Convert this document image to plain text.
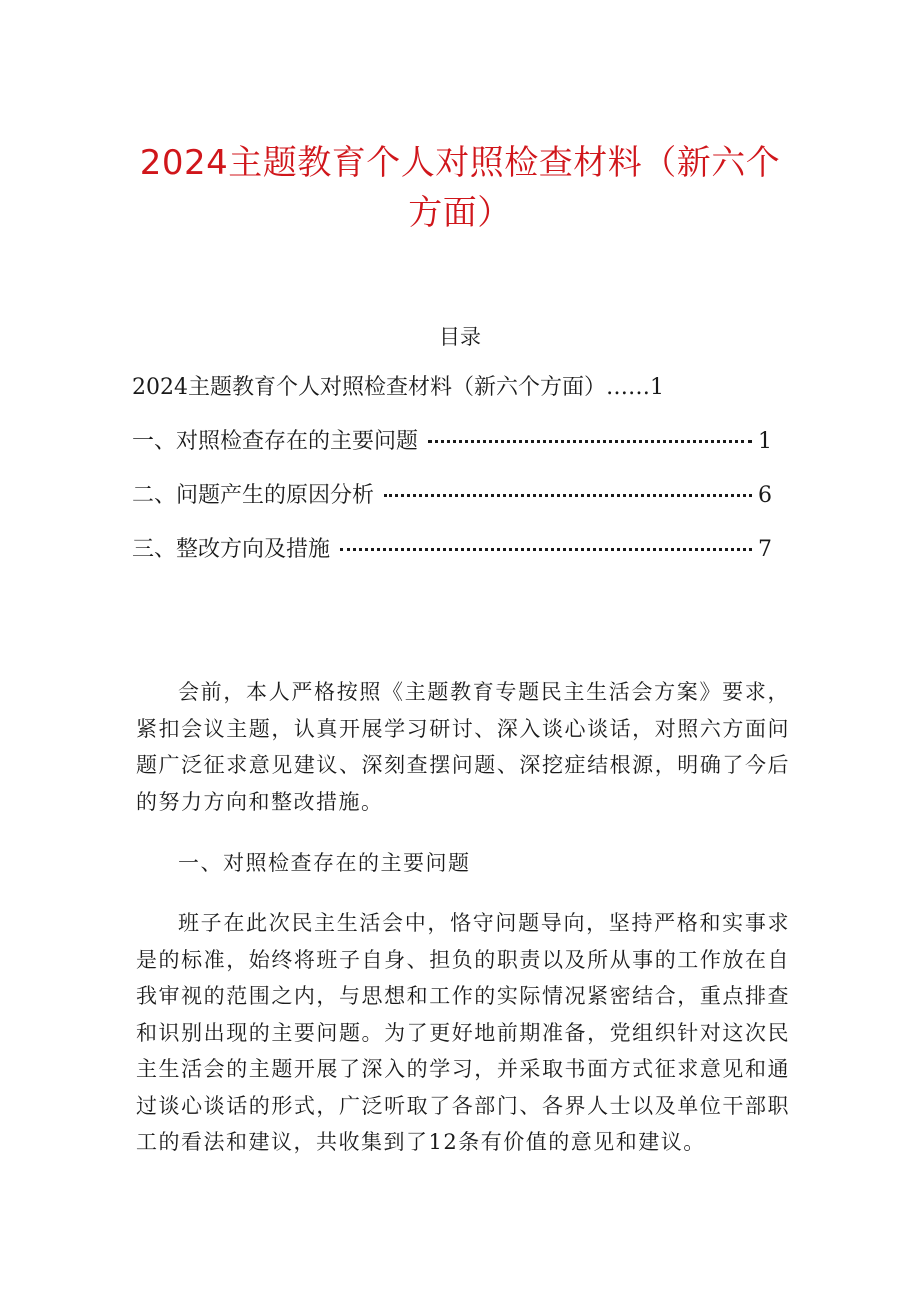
2024主题教育个人对照检查材料（新六个方面）
目录
2024主题教育个人对照检查材料（新六个方面）…… 1
一、对照检查存在的主要问题	1
二、问题产生的原因分析	6
三、整改方向及措施	7

会前，本人严格按照《主题教育专题民主生活会方案》要求，紧扣会议主题，认真开展学习研讨、深入谈心谈话，对照六方面问题广泛征求意见建议、深刻查摆问题、深挖症结根源，明确了今后的努力方向和整改措施。

一、对照检查存在的主要问题

班子在此次民主生活会中，恪守问题导向，坚持严格和实事求是的标准，始终将班子自身、担负的职责以及所从事的工作放在自我审视的范围之内，与思想和工作的实际情况紧密结合，重点排查和识别出现的主要问题。为了更好地前期准备，党组织针对这次民主生活会的主题开展了深入的学习，并采取书面方式征求意见和通过谈心谈话的形式，广泛听取了各部门、各界人士以及单位干部职工的看法和建议，共收集到了12条有价值的意见和建议。
